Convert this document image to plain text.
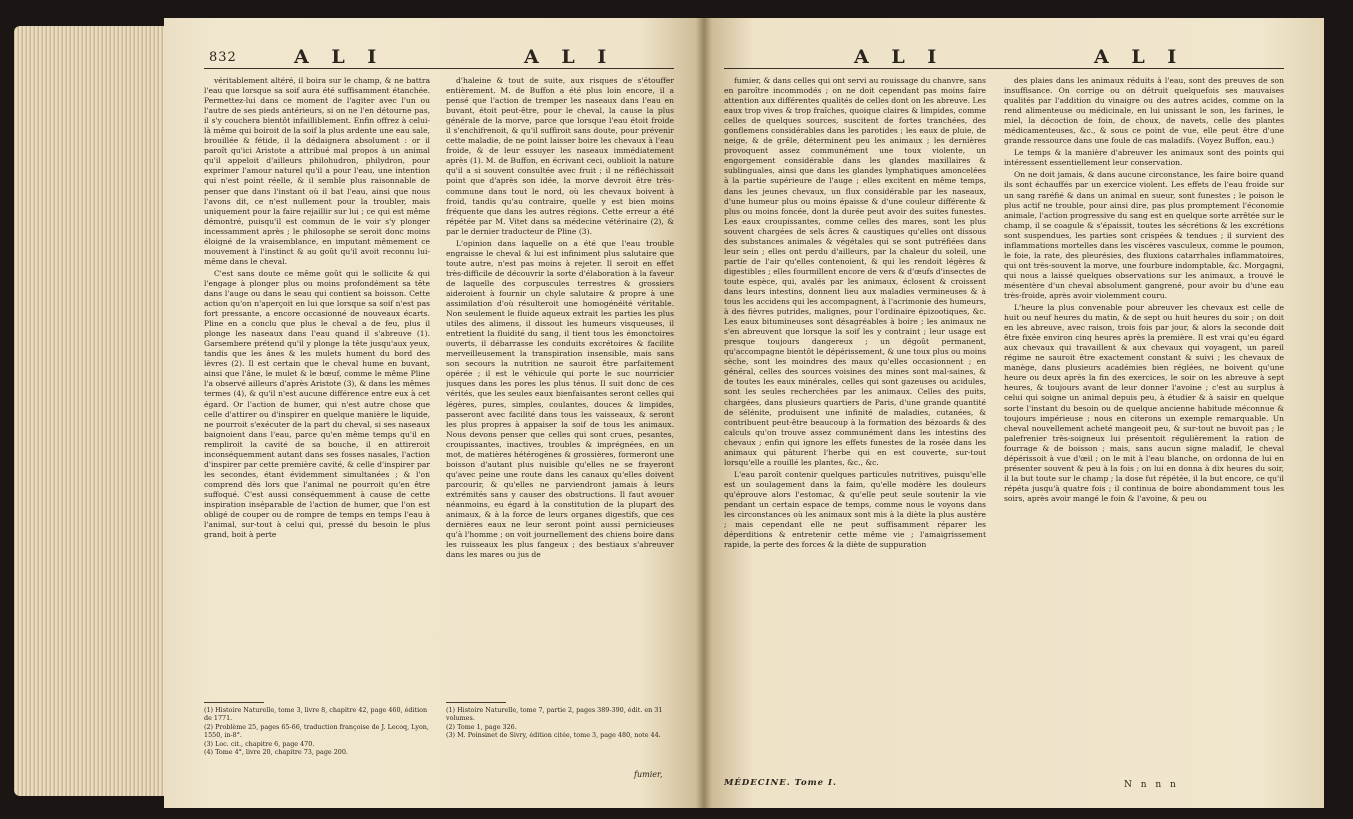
832	A L I	A L I

véritablement altéré, il boira sur le champ, & ne battra l'eau que lorsque sa soif aura été suffisamment étanchée. Permettez-lui dans ce moment de l'agiter avec l'un ou l'autre de ses pieds antérieurs, si on ne l'en détourne pas, il s'y couchera bientôt infailliblement. Enfin offrez à celui-là même qui boiroit de la soif la plus ardente une eau sale, brouillée & fétide, il la dédaignera absolument : or il paroît qu'ici Aristote a attribué mal propos à un animal qu'il appeloit d'ailleurs philohudron, philydron, pour exprimer l'amour naturel qu'il a pour l'eau, une intention qui n'est point réelle, & il semble plus raisonnable de penser que dans l'instant où il bat l'eau, ainsi que nous l'avons dit, ce n'est nullement pour la troubler, mais uniquement pour la faire rejaillir sur lui ; ce qui est même démontré, puisqu'il est commun de le voir s'y plonger incessamment après ; le philosophe se seroit donc moins éloigné de la vraisemblance, en imputant mêmement ce mouvement à l'instinct & au goût qu'il avoit reconnu lui-même dans le cheval.

C'est sans doute ce même goût qui le sollicite & qui l'engage à plonger plus ou moins profondément sa tête dans l'auge ou dans le seau qui contient sa boisson. Cette action qu'on n'aperçoit en lui que lorsque sa soif n'est pas fort pressante, a encore occasionné de nouveaux écarts. Pline en a conclu que plus le cheval a de feu, plus il plonge les naseaux dans l'eau quand il s'abreuve (1). Garsembere prétend qu'il y plonge la tête jusqu'aux yeux, tandis que les ânes & les mulets hument du bord des lèvres (2). Il est certain que le cheval hume en buvant, ainsi que l'âne, le mulet & le bœuf, comme le même Pline l'a observé ailleurs d'après Aristote (3), & dans les mêmes termes (4), & qu'il n'est aucune différence entre eux à cet égard. Or l'action de humer, qui n'est autre chose que celle d'attirer ou d'inspirer en quelque manière le liquide, ne pourroit s'exécuter de la part du cheval, si ses naseaux baignoient dans l'eau, parce qu'en même temps qu'il en rempliroit la cavité de sa bouche, il en attireroit inconséquemment autant dans ses fosses nasales, l'action d'inspirer par cette première cavité, & celle d'inspirer par les secondes, étant évidemment simultanées ; & l'on comprend dès lors que l'animal ne pourroit qu'en être suffoqué. C'est aussi conséquemment à cause de cette inspiration inséparable de l'action de humer, que l'on est obligé de couper ou de rompre de temps en temps l'eau à l'animal, sur-tout à celui qui, pressé du besoin le plus grand, boit à perte

(1) Histoire Naturelle, tome 3, livre 8, chapitre 42, page 460, édition de 1771.
(2) Problème 25, pages 65-66, traduction françoise de J. Lecoq, Lyon, 1550, in-8°.
(3) Loc. cit., chapitre 6, page 470.
(4) Tome 4°, livre 20, chapitre 73, page 200.

d'haleine & tout de suite, aux risques de s'étouffer entièrement. M. de Buffon a été plus loin encore, il a pensé que l'action de tremper les naseaux dans l'eau en buvant, étoit peut-être, pour le cheval, la cause la plus générale de la morve, parce que lorsque l'eau étoit froide il s'enchifrenoit, & qu'il suffiroit sans doute, pour prévenir cette maladie, de ne point laisser boire les chevaux à l'eau froide, & de leur essuyer les naseaux immédiatement après (1). M. de Buffon, en écrivant ceci, oublioit la nature qu'il a si souvent consultée avec fruit ; il ne réfléchissoit point que d'après son idée, la morve devroit être très-commune dans tout le nord, où les chevaux boivent à froid, tandis qu'au contraire, quelle y est bien moins fréquente que dans les autres régions. Cette erreur a été répétée par M. Vitet dans sa médecine vétérinaire (2), & par le dernier traducteur de Pline (3).

L'opinion dans laquelle on a été que l'eau trouble engraisse le cheval & lui est infiniment plus salutaire que toute autre, n'est pas moins à rejeter. Il seroit en effet très-difficile de découvrir la sorte d'élaboration à la faveur de laquelle des corpuscules terrestres & grossiers aideroient à fournir un chyle salutaire & propre à une assimilation d'où résulteroit une homogénéité véritable. Non seulement le fluide aqueux extrait les parties les plus utiles des alimens, il dissout les humeurs visqueuses, il entretient la fluidité du sang, il tient tous les émonctoires ouverts, il débarrasse les conduits excrétoires & facilite merveilleusement la transpiration insensible, mais sans son secours la nutrition ne sauroit être parfaitement opérée ; il est le véhicule qui porte le suc nourricier jusques dans les pores les plus ténus. Il suit donc de ces vérités, que les seules eaux bienfaisantes seront celles qui légères, pures, simples, coulantes, douces & limpides, passeront avec facilité dans tous les vaisseaux, & seront les plus propres à appaiser la soif de tous les animaux. Nous devons penser que celles qui sont crues, pesantes, croupissantes, inactives, troubles & imprégnées, en un mot, de matières hétérogènes & grossières, formeront une boisson d'autant plus nuisible qu'elles ne se frayeront qu'avec peine une route dans les canaux qu'elles doivent parcourir, & qu'elles ne parviendront jamais à leurs extrémités sans y causer des obstructions. Il faut avouer néanmoins, eu égard à la constitution de la plupart des animaux, & à la force de leurs organes digestifs, que ces dernières eaux ne leur seront point aussi pernicieuses qu'à l'homme ; on voit journellement des chiens boire dans les ruisseaux les plus fangeux ; des bestiaux s'abreuver dans les mares ou jus de

(1) Histoire Naturelle, tome 7, partie 2, pages 389-390, édit. en 31 volumes.
(2) Tome 1, page 326.
(3) M. Poinsinet de Sivry, édition citée, tome 3, page 480, note 44.
fumier,
A L I	A L I

fumier, & dans celles qui ont servi au rouissage du chanvre, sans en paroître incommodés ; on ne doit cependant pas moins faire attention aux différentes qualités de celles dont on les abreuve. Les eaux trop vives & trop fraîches, quoique claires & limpides, comme celles de quelques sources, suscitent de fortes tranchées, des gonflemens considérables dans les parotides ; les eaux de pluie, de neige, & de grêle, déterminent peu les animaux ; les dernières provoquent assez communément une toux violente, un engorgement considérable dans les glandes maxillaires & sublinguales, ainsi que dans les glandes lymphatiques amoncelées à la partie supérieure de l'auge ; elles excitent en même temps, dans les jeunes chevaux, un flux considérable par les naseaux, d'une humeur plus ou moins épaisse & d'une couleur différente & plus ou moins foncée, dont la durée peut avoir des suites funestes. Les eaux croupissantes, comme celles des mares, sont les plus souvent chargées de sels âcres & caustiques qu'elles ont dissous des substances animales & végétales qui se sont putréfiées dans leur sein ; elles ont perdu d'ailleurs, par la chaleur du soleil, une partie de l'air qu'elles contenoient, & qui les rendoit légères & digestibles ; elles fourmillent encore de vers & d'œufs d'insectes de toute espèce, qui, avalés par les animaux, éclosent & croissent dans leurs intestins, donnent lieu aux maladies vermineuses & à tous les accidens qui les accompagnent, à l'acrimonie des humeurs, à des fièvres putrides, malignes, pour l'ordinaire épizootiques, &c. Les eaux bitumineuses sont désagréables à boire ; les animaux ne s'en abreuvent que lorsque la soif les y contraint ; leur usage est presque toujours dangereux ; un dégoût permanent, qu'accompagne bientôt le dépérissement, & une toux plus ou moins sèche, sont les moindres des maux qu'elles occasionnent ; en général, celles des sources voisines des mines sont mal-saines, & de toutes les eaux minérales, celles qui sont gazeuses ou acidules, sont les seules recherchées par les animaux. Celles des puits, chargées, dans plusieurs quartiers de Paris, d'une grande quantité de sélénite, produisent une infinité de maladies, cutanées, & contribuent peut-être beaucoup à la formation des bézoards & des calculs qu'on trouve assez communément dans les intestins des chevaux ; enfin qui ignore les effets funestes de la rosée dans les animaux qui pâturent l'herbe qui en est couverte, sur-tout lorsqu'elle a rouillé les plantes, &c., &c.

L'eau paroît contenir quelques particules nutritives, puisqu'elle est un soulagement dans la faim, qu'elle modère les douleurs qu'éprouve alors l'estomac, & qu'elle peut seule soutenir la vie pendant un certain espace de temps, comme nous le voyons dans les circonstances où les animaux sont mis à la diète la plus austère ; mais cependant elle ne peut suffisamment réparer les déperditions & entretenir cette même vie ; l'amaigrissement rapide, la perte des forces & la diète de suppuration

MÉDECINE. Tome I.

des plaies dans les animaux réduits à l'eau, sont des preuves de son insuffisance. On corrige ou on détruit quelquefois ses mauvaises qualités par l'addition du vinaigre ou des autres acides, comme on la rend alimenteuse ou médicinale, en lui unissant le son, les farines, le miel, la décoction de foin, de choux, de navets, celle des plantes médicamenteuses, &c., & sous ce point de vue, elle peut être d'une grande ressource dans une foule de cas maladifs. (Voyez Buffon, eau.)

Le temps & la manière d'abreuver les animaux sont des points qui intéressent essentiellement leur conservation.

On ne doit jamais, & dans aucune circonstance, les faire boire quand ils sont échauffés par un exercice violent. Les effets de l'eau froide sur un sang raréfié & dans un animal en sueur, sont funestes ; le poison le plus actif ne trouble, pour ainsi dire, pas plus promptement l'économie animale, l'action progressive du sang est en quelque sorte arrêtée sur le champ, il se coagule & s'épaissit, toutes les sécrétions & les excrétions sont suspendues, les parties sont crispées & tendues ; il survient des inflammations mortelles dans les viscères vasculeux, comme le poumon, le foie, la rate, des pleurésies, des fluxions catarrhales inflammatoires, qui ont très-souvent la morve, une fourbure indomptable, &c. Morgagni, qui nous a laissé quelques observations sur les animaux, a trouvé le mésentère d'un cheval absolument gangrené, pour avoir bu d'une eau très-froide, après avoir violemment couru.

L'heure la plus convenable pour abreuver les chevaux est celle de huit ou neuf heures du matin, & de sept ou huit heures du soir ; on doit en les abreuve, avec raison, trois fois par jour, & alors la seconde doit être fixée environ cinq heures après la première. Il est vrai qu'eu égard aux chevaux qui travaillent & aux chevaux qui voyagent, un pareil régime ne sauroit être exactement constant & suivi ; les chevaux de manège, dans plusieurs académies bien réglées, ne boivent qu'une heure ou deux après la fin des exercices, le soir on les abreuve à sept heures, & toujours avant de leur donner l'avoine ; c'est au surplus à celui qui soigne un animal depuis peu, à étudier & à saisir en quelque sorte l'instant du besoin ou de quelque ancienne habitude méconnue & toujours impérieuse ; nous en citerons un exemple remarquable. Un cheval nouvellement acheté mangeoit peu, & sur-tout ne buvoit pas ; le palefrenier très-soigneux lui présentoit régulièrement la ration de fourrage & de boisson ; mais, sans aucun signe maladif, le cheval dépérissoit à vue d'œil ; on le mit à l'eau blanche, on ordonna de lui en présenter souvent & peu à la fois ; on lui en donna à dix heures du soir, il la but toute sur le champ ; la dose fut répétée, il la but encore, ce qu'il répéta jusqu'à quatre fois ; il continua de boire abondamment tous les soirs, après avoir mangé le foin & l'avoine, & peu ou

N n n n
